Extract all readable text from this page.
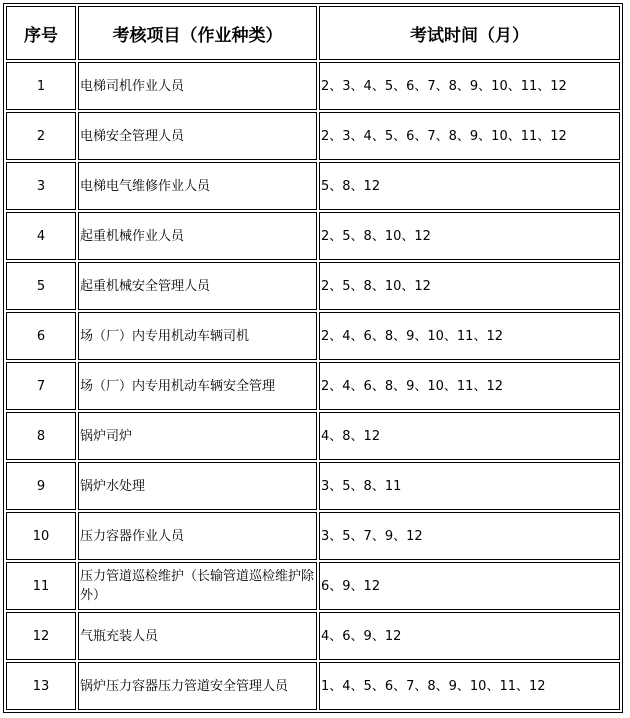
序号	考核项目（作业种类）	考试时间（月）
1	电梯司机作业人员	2、3、4、5、6、7、8、9、10、11、12
2	电梯安全管理人员	2、3、4、5、6、7、8、9、10、11、12
3	电梯电气维修作业人员	5、8、12
4	起重机械作业人员	2、5、8、10、12
5	起重机械安全管理人员	2、5、8、10、12
6	场（厂）内专用机动车辆司机	2、4、6、8、9、10、11、12
7	场（厂）内专用机动车辆安全管理	2、4、6、8、9、10、11、12
8	锅炉司炉	4、8、12
9	锅炉水处理	3、5、8、11
10	压力容器作业人员	3、5、7、9、12
11	压力管道巡检维护（长输管道巡检维护除外）	6、9、12
12	气瓶充装人员	4、6、9、12
13	锅炉压力容器压力管道安全管理人员	1、4、5、6、7、8、9、10、11、12
